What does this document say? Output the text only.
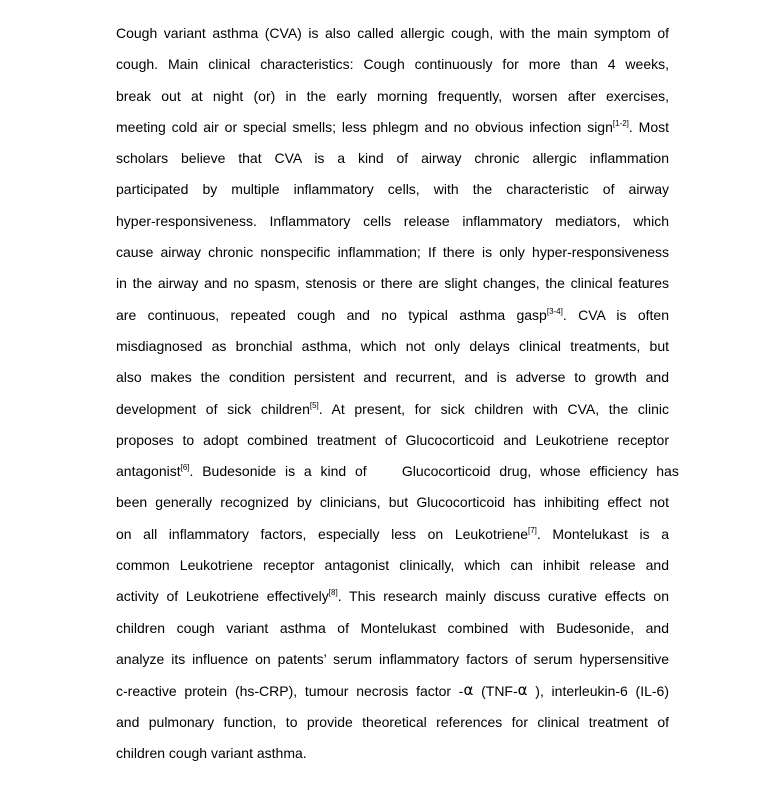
Cough variant asthma (CVA) is also called allergic cough, with the main symptom of
cough. Main clinical characteristics: Cough continuously for more than 4 weeks,
break out at night (or) in the early morning frequently, worsen after exercises,
meeting cold air or special smells; less phlegm and no obvious infection sign[1-2]. Most
scholars believe that CVA is a kind of airway chronic allergic inflammation
participated by multiple inflammatory cells, with the characteristic of airway
hyper-responsiveness. Inflammatory cells release inflammatory mediators, which
cause airway chronic nonspecific inflammation; If there is only hyper-responsiveness
in the airway and no spasm, stenosis or there are slight changes, the clinical features
are continuous, repeated cough and no typical asthma gasp[3-4]. CVA is often
misdiagnosed as bronchial asthma, which not only delays clinical treatments, but
also makes the condition persistent and recurrent, and is adverse to growth and
development of sick children[5]. At present, for sick children with CVA, the clinic
proposes to adopt combined treatment of Glucocorticoid and Leukotriene receptor
antagonist[6]. Budesonide is a kind of    Glucocorticoid drug, whose efficiency has
been generally recognized by clinicians, but Glucocorticoid has inhibiting effect not
on all inflammatory factors, especially less on Leukotriene[7]. Montelukast is a
common Leukotriene receptor antagonist clinically, which can inhibit release and
activity of Leukotriene effectively[8]. This research mainly discuss curative effects on
children cough variant asthma of Montelukast combined with Budesonide, and
analyze its influence on patents’ serum inflammatory factors of serum hypersensitive
c-reactive protein (hs-CRP), tumour necrosis factor -α (TNF-α ), interleukin-6 (IL-6)
and pulmonary function, to provide theoretical references for clinical treatment of
children cough variant asthma.
